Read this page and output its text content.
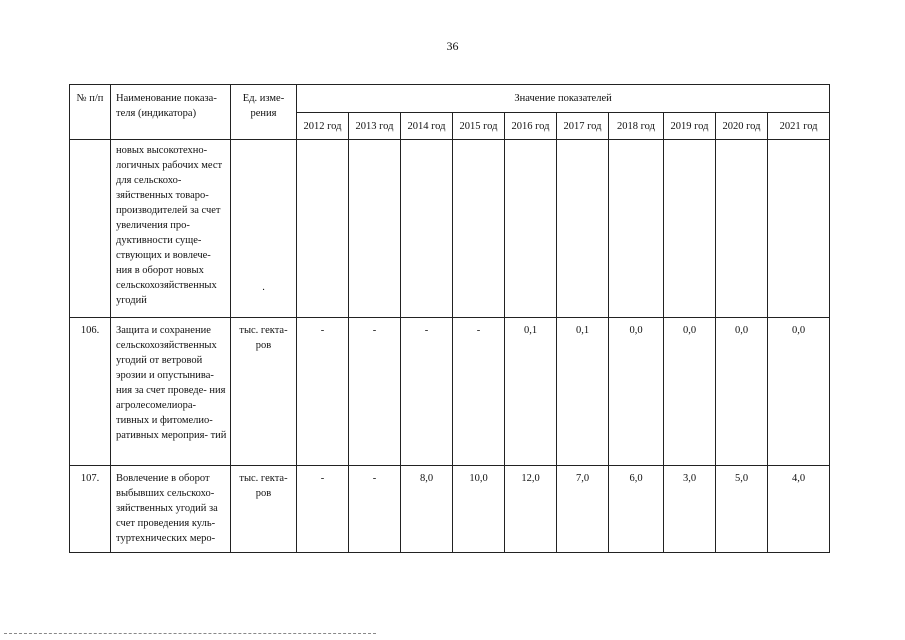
36
№ п/п	Наименование показа- теля (индикатора)	Ед. изме- рения	Значение показателей									
			2012 год	2013 год	2014 год	2015 год	2016 год	2017 год	2018 год	2019 год	2020 год	2021 год
	новых высокотехно- логичных рабочих мест для сельскохо- зяйственных товаро- производителей за счет увеличения про- дуктивности суще- ствующих и вовлече- ния в оборот новых сельскохозяйственных угодий	.										

106.	Защита и сохранение сельскохозяйственных угодий от ветровой эрозии и опустынива- ния за счет проведе- ния агролесомелиора- тивных и фитомелио- ративных мероприя- тий	тыс. гекта- ров	-	-	-	-	0,1	0,1	0,0	0,0	0,0	0,0
107.	Вовлечение в оборот выбывших сельскохо- зяйственных угодий за счет проведения куль- туртехнических меро-	тыс. гекта- ров	-	-	8,0	10,0	12,0	7,0	6,0	3,0	5,0	4,0
